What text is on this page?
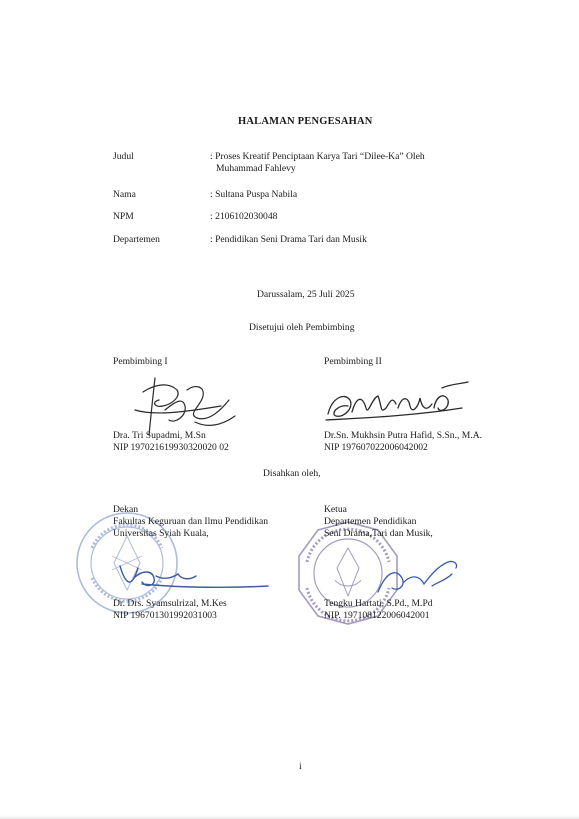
HALAMAN PENGESAHAN
Judul	: Proses Kreatif Penciptaan Karya Tari “Dilee-Ka” Oleh
Muhammad Fahlevy
Nama	: Sultana Puspa Nabila
NPM	: 2106102030048
Departemen	: Pendidikan Seni Drama Tari dan Musik
Darussalam, 25 Juli 2025
Disetujui oleh Pembimbing
Pembimbing I
Dra. Tri Supadmi, M.Sn
NIP 197021619930320020 02
Pembimbing II
Dr.Sn. Mukhsin Putra Hafid, S.Sn., M.A.
NIP 197607022006042002
Disahkan oleh,
Dekan
Fakultas Keguruan dan Ilmu Pendidikan
Universitas Syiah Kuala,
Dr. Drs. Syamsulrizal, M.Kes
NIP 196701301992031003
Ketua
Departemen Pendidikan
Seni Drama,Tari dan Musik,
Tengku Hartati, S.Pd., M.Pd
NIP. 197108122006042001
i
